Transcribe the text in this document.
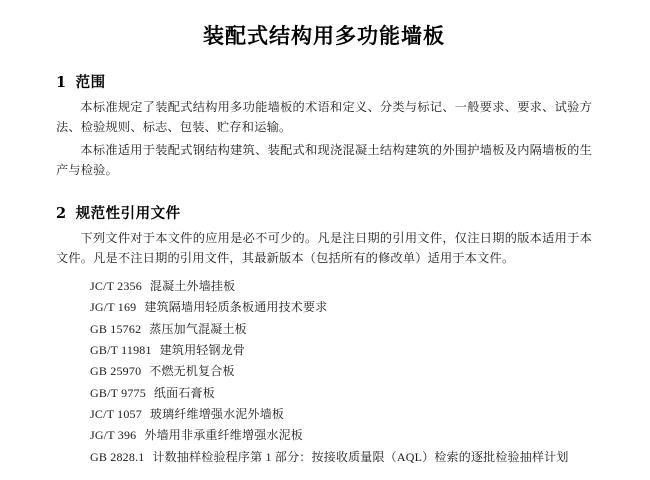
装配式结构用多功能墙板
1 范围

本标准规定了装配式结构用多功能墙板的术语和定义、分类与标记、一般要求、要求、试验方法、检验规则、标志、包装、贮存和运输。

本标准适用于装配式钢结构建筑、装配式和现浇混凝土结构建筑的外围护墙板及内隔墙板的生产与检验。

2 规范性引用文件

下列文件对于本文件的应用是必不可少的。凡是注日期的引用文件，仅注日期的版本适用于本文件。凡是不注日期的引用文件，其最新版本（包括所有的修改单）适用于本文件。

JC/T 2356 混凝土外墙挂板
JG/T 169 建筑隔墙用轻质条板通用技术要求
GB 15762 蒸压加气混凝土板
GB/T 11981 建筑用轻钢龙骨
GB 25970 不燃无机复合板
GB/T 9775 纸面石膏板
JC/T 1057 玻璃纤维增强水泥外墙板
JG/T 396 外墙用非承重纤维增强水泥板
GB 2828.1 计数抽样检验程序第 1 部分：按接收质量限（AQL）检索的逐批检验抽样计划
